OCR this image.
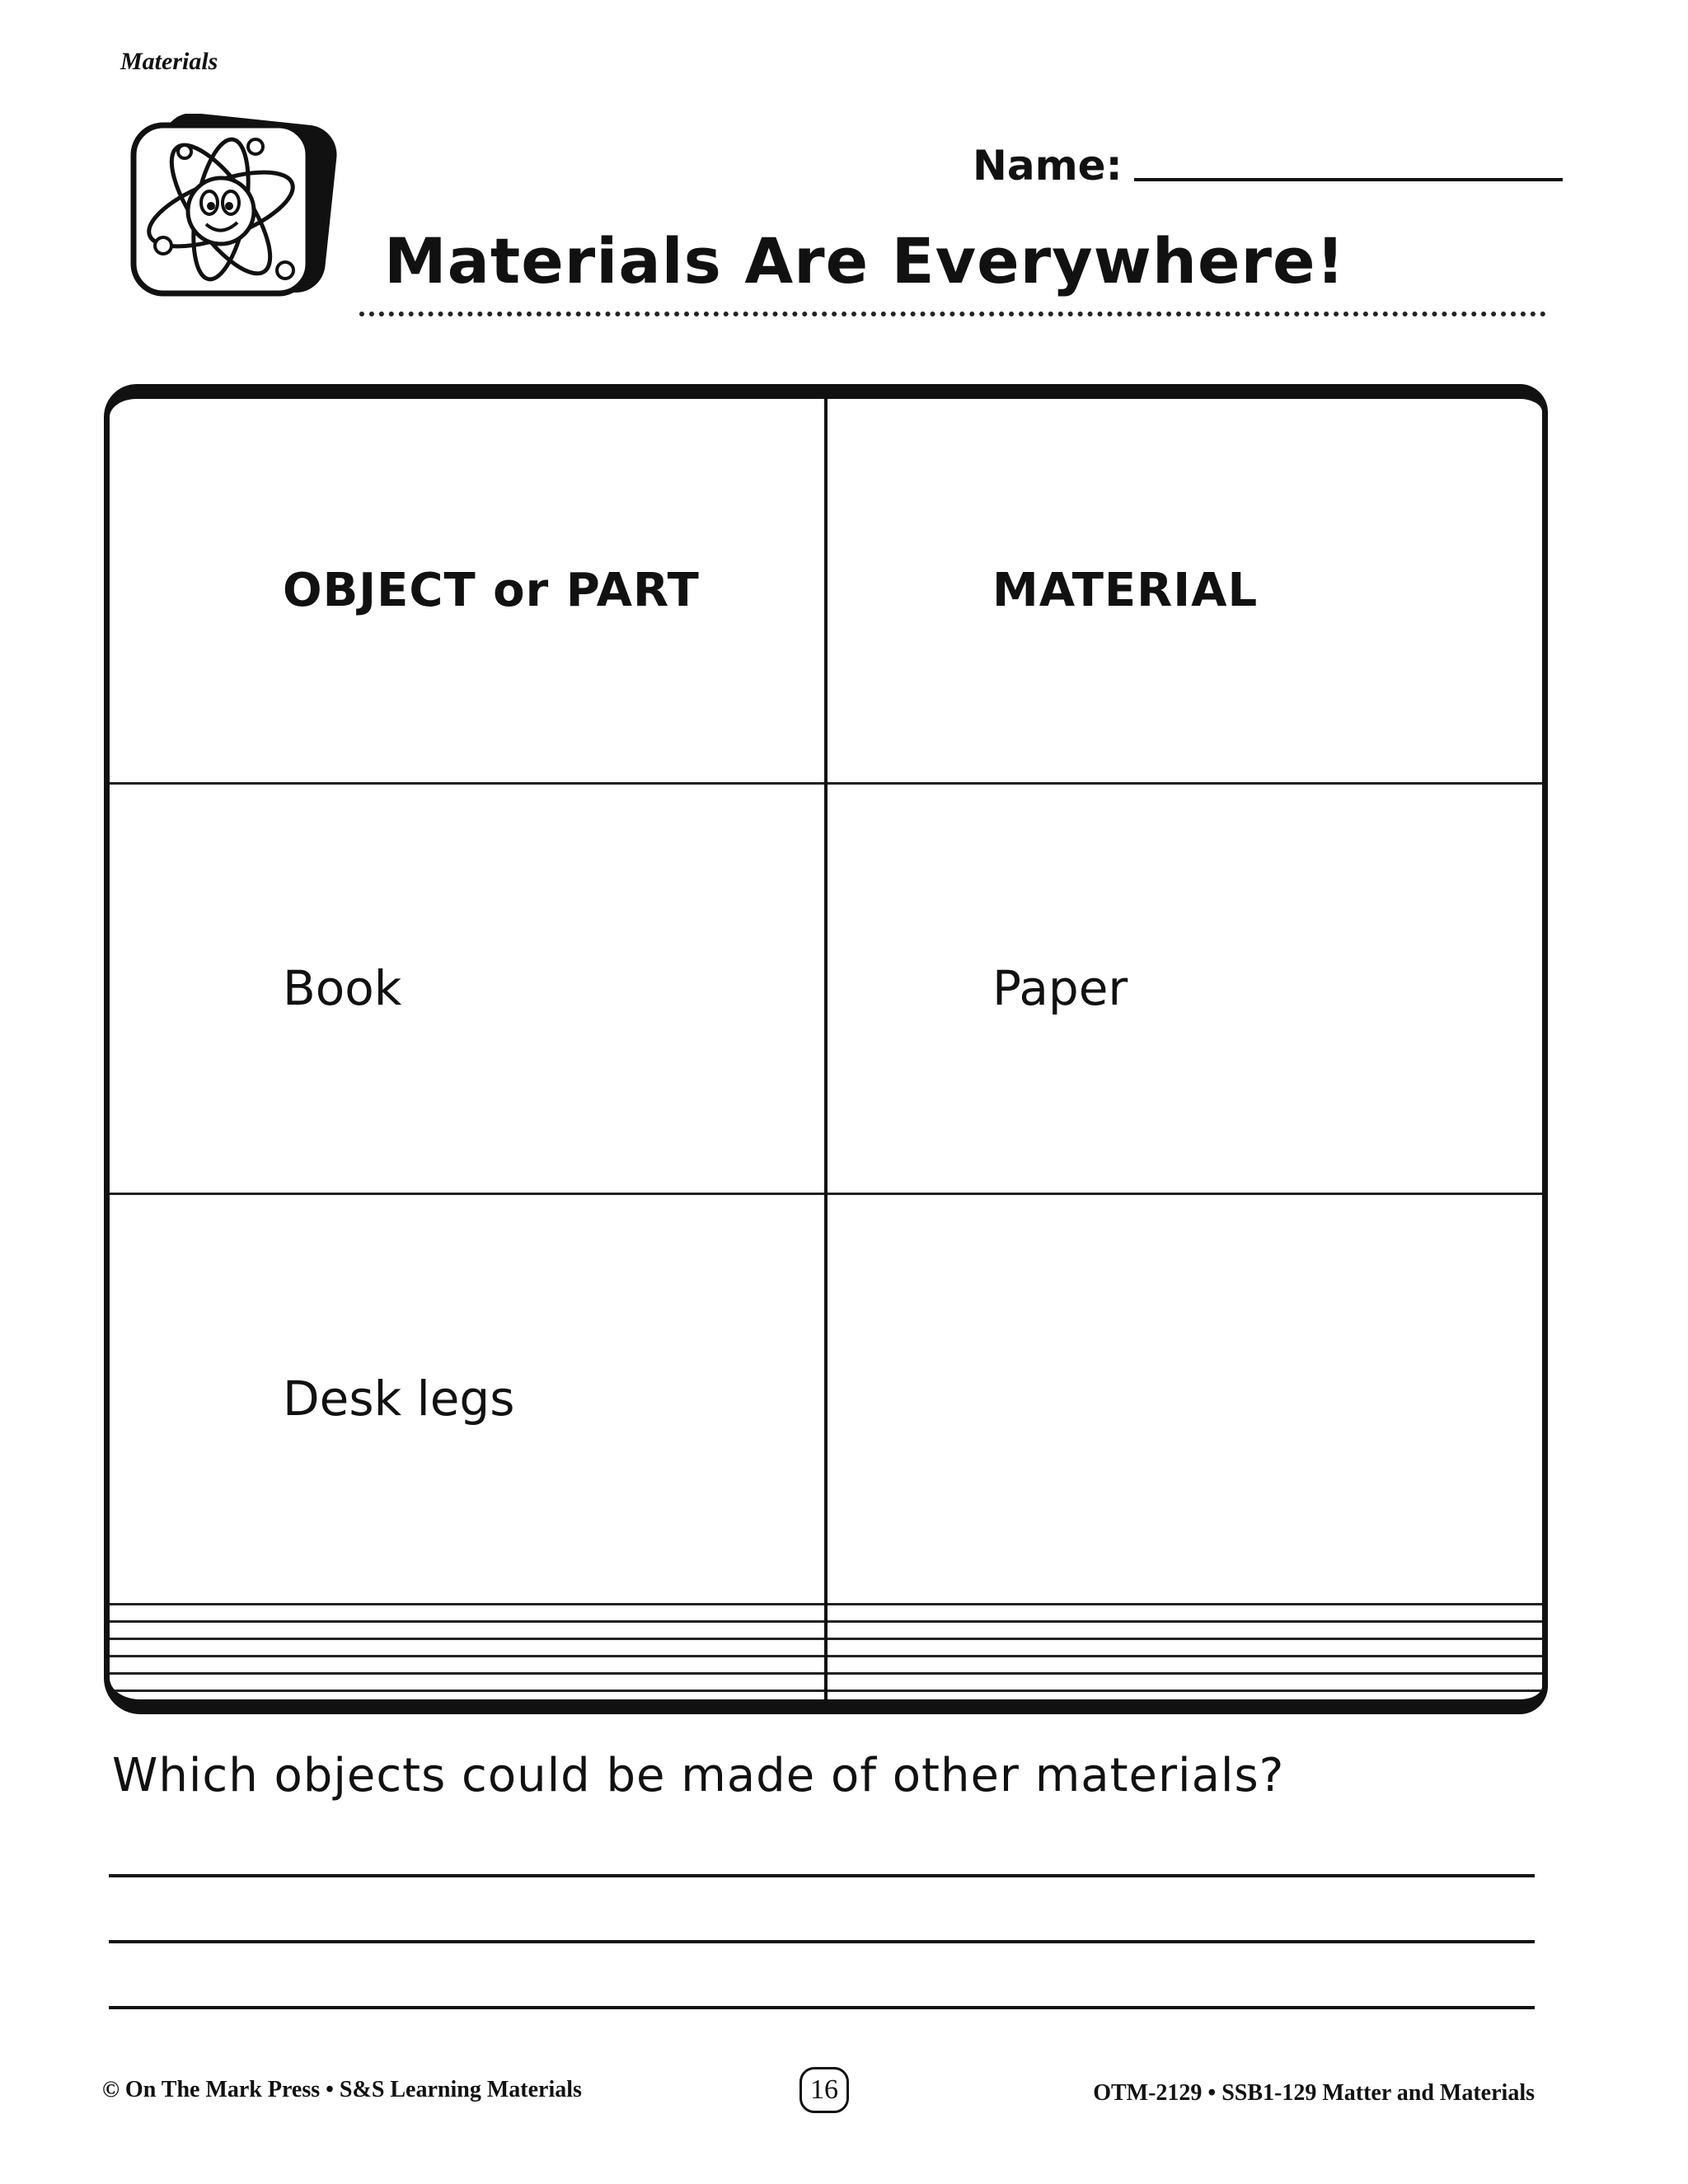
Materials
Name:
Materials Are Everywhere!
OBJECT or PART	MATERIAL
Book	Paper
Desk legs	

Which objects could be made of other materials?
© On The Mark Press • S&S Learning Materials	16	OTM-2129 • SSB1-129 Matter and Materials
